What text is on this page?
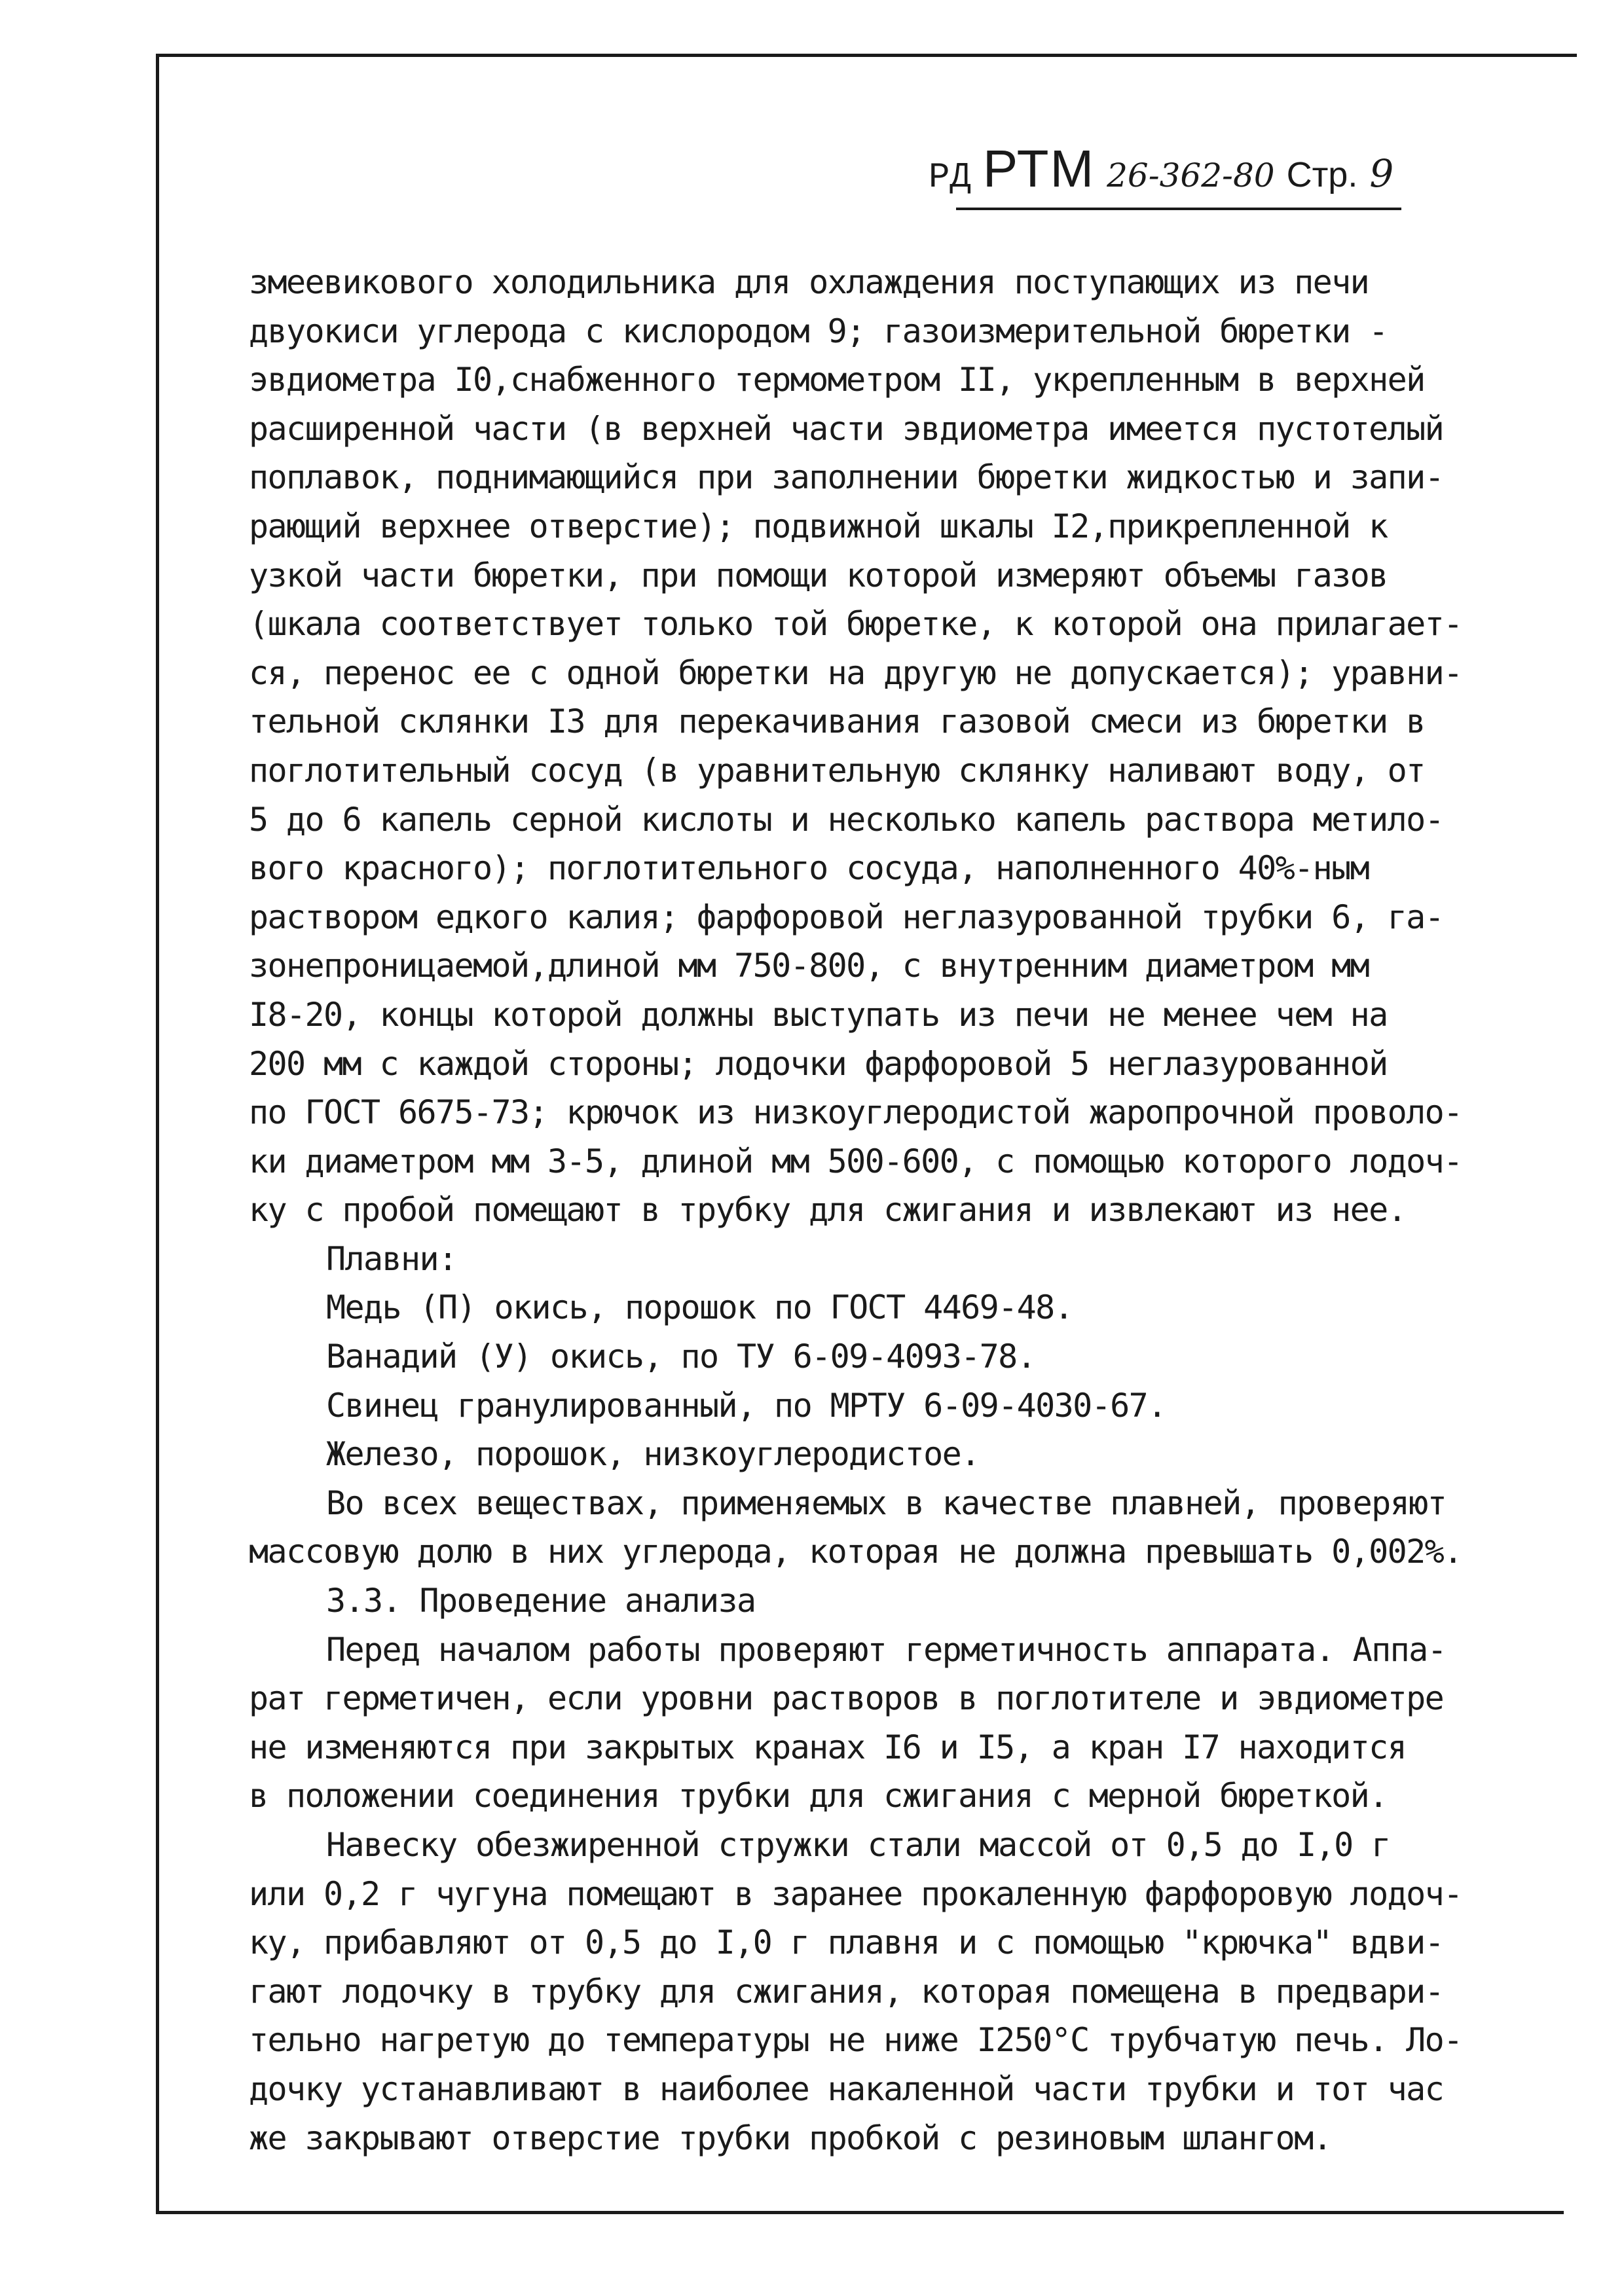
РД РТМ 26-362-80 Стр. 9
змеевикового холодильника для охлаждения поступающих из печи
двуокиси углерода с кислородом 9; газоизмерительной бюретки -
эвдиометра I0,снабженного термометром II, укрепленным в верхней
расширенной части (в верхней части эвдиометра имеется пустотелый
поплавок, поднимающийся при заполнении бюретки жидкостью и запи-
рающий верхнее отверстие); подвижной шкалы I2,прикрепленной к
узкой части бюретки, при помощи которой измеряют объемы газов
(шкала соответствует только той бюретке, к которой она прилагает-
ся, перенос ее с одной бюретки на другую не допускается); уравни-
тельной склянки I3 для перекачивания газовой смеси из бюретки в
поглотительный сосуд (в уравнительную склянку наливают воду, от
5 до 6 капель серной кислоты и несколько капель раствора метило-
вого красного); поглотительного сосуда, наполненного 40%-ным
раствором едкого калия; фарфоровой неглазурованной трубки 6, га-
зонепроницаемой,длиной мм 750-800, с внутренним диаметром мм
I8-20, концы которой должны выступать из печи не менее чем на
200 мм с каждой стороны; лодочки фарфоровой 5 неглазурованной
по ГОСТ 6675-73; крючок из низкоуглеродистой жаропрочной проволо-
ки диаметром мм 3-5, длиной мм 500-600, с помощью которого лодоч-
ку с пробой помещают в трубку для сжигания и извлекают из нее.
Плавни:
Медь (П) окись, порошок по ГОСТ 4469-48.
Ванадий (У) окись, по ТУ 6-09-4093-78.
Свинец гранулированный, по МРТУ 6-09-4030-67.
Железо, порошок, низкоуглеродистое.
Во всех веществах, применяемых в качестве плавней, проверяют
массовую долю в них углерода, которая не должна превышать 0,002%.
3.3. Проведение анализа
Перед началом работы проверяют герметичность аппарата. Аппа-
рат герметичен, если уровни растворов в поглотителе и эвдиометре
не изменяются при закрытых кранах I6 и I5, а кран I7 находится
в положении соединения трубки для сжигания с мерной бюреткой.
Навеску обезжиренной стружки стали массой от 0,5 до I,0 г
или 0,2 г чугуна помещают в заранее прокаленную фарфоровую лодоч-
ку, прибавляют от 0,5 до I,0 г плавня и с помощью "крючка" вдви-
гают лодочку в трубку для сжигания, которая помещена в предвари-
тельно нагретую до температуры не ниже I250°С трубчатую печь. Ло-
дочку устанавливают в наиболее накаленной части трубки и тот час
же закрывают отверстие трубки пробкой с резиновым шлангом.
